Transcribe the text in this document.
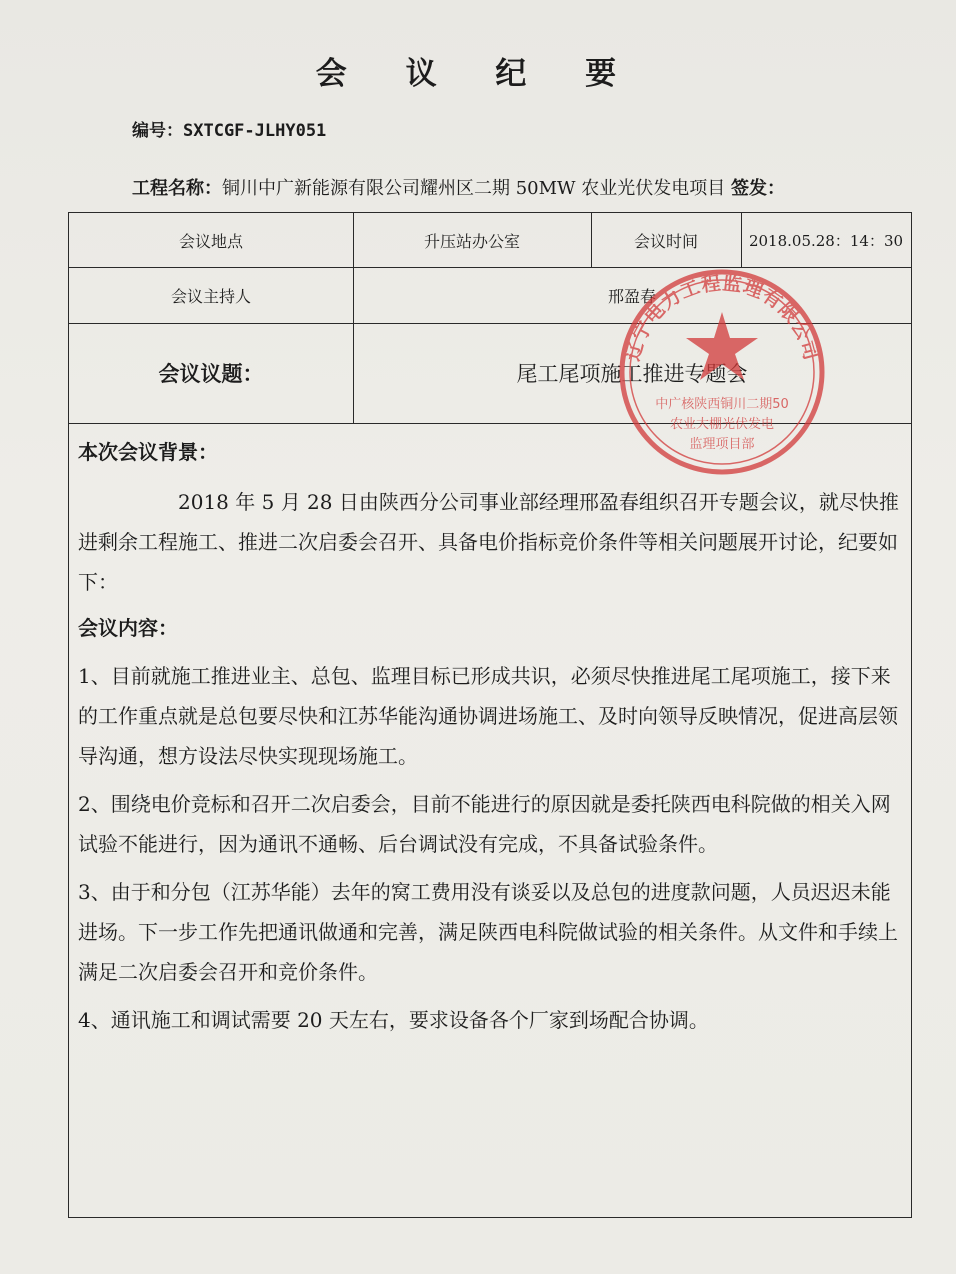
会 议 纪 要
编号：SXTCGF-JLHY051
工程名称：铜川中广新能源有限公司耀州区二期 50MW 农业光伏发电项目 签发：
会议地点	升压站办公室	会议时间	2018.05.28：14：30
会议主持人	邢盈春
会议议题：	尾工尾项施工推进专题会
辽宁电力工程监理有限公司
中广核陕西铜川二期50
农业大棚光伏发电
监理项目部
本次会议背景：
2018 年 5 月 28 日由陕西分公司事业部经理邢盈春组织召开专题会议，就尽快推进剩余工程施工、推进二次启委会召开、具备电价指标竞价条件等相关问题展开讨论，纪要如下：
会议内容：
1、目前就施工推进业主、总包、监理目标已形成共识，必须尽快推进尾工尾项施工，接下来的工作重点就是总包要尽快和江苏华能沟通协调进场施工、及时向领导反映情况，促进高层领导沟通，想方设法尽快实现现场施工。
2、围绕电价竞标和召开二次启委会，目前不能进行的原因就是委托陕西电科院做的相关入网试验不能进行，因为通讯不通畅、后台调试没有完成，不具备试验条件。
3、由于和分包（江苏华能）去年的窝工费用没有谈妥以及总包的进度款问题，人员迟迟未能进场。下一步工作先把通讯做通和完善，满足陕西电科院做试验的相关条件。从文件和手续上满足二次启委会召开和竞价条件。
4、通讯施工和调试需要 20 天左右，要求设备各个厂家到场配合协调。
